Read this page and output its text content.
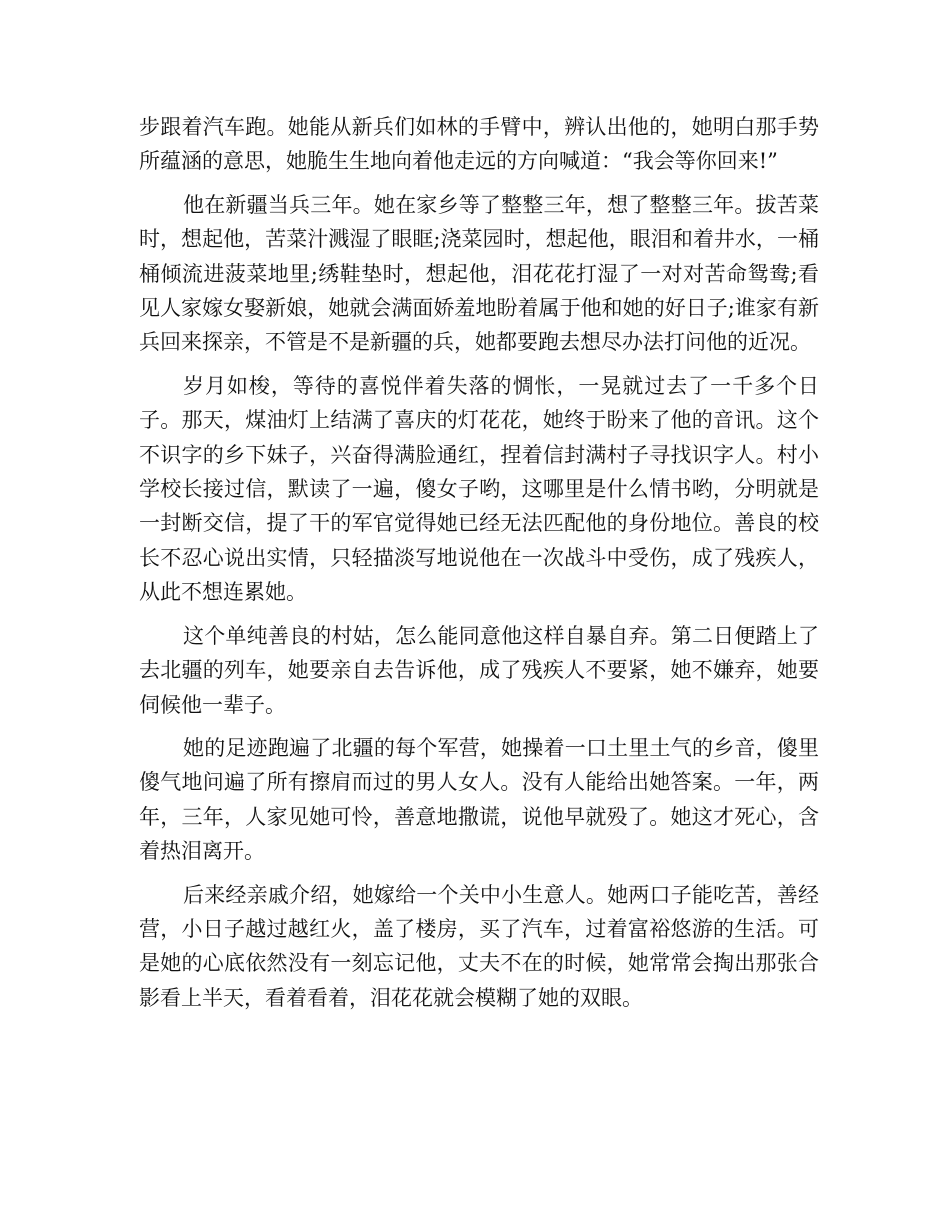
步跟着汽车跑。她能从新兵们如林的手臂中，辨认出他的，她明白那手势所蕴涵的意思，她脆生生地向着他走远的方向喊道：“我会等你回来!”

他在新疆当兵三年。她在家乡等了整整三年，想了整整三年。拔苦菜时，想起他，苦菜汁溅湿了眼眶;浇菜园时，想起他，眼泪和着井水，一桶桶倾流进菠菜地里;绣鞋垫时，想起他，泪花花打湿了一对对苦命鸳鸯;看见人家嫁女娶新娘，她就会满面娇羞地盼着属于他和她的好日子;谁家有新兵回来探亲，不管是不是新疆的兵，她都要跑去想尽办法打问他的近况。

岁月如梭，等待的喜悦伴着失落的惆怅，一晃就过去了一千多个日子。那天，煤油灯上结满了喜庆的灯花花，她终于盼来了他的音讯。这个不识字的乡下妹子，兴奋得满脸通红，捏着信封满村子寻找识字人。村小学校长接过信，默读了一遍，傻女子哟，这哪里是什么情书哟，分明就是一封断交信，提了干的军官觉得她已经无法匹配他的身份地位。善良的校长不忍心说出实情，只轻描淡写地说他在一次战斗中受伤，成了残疾人，从此不想连累她。

这个单纯善良的村姑，怎么能同意他这样自暴自弃。第二日便踏上了去北疆的列车，她要亲自去告诉他，成了残疾人不要紧，她不嫌弃，她要伺候他一辈子。

她的足迹跑遍了北疆的每个军营，她操着一口土里土气的乡音，傻里傻气地问遍了所有擦肩而过的男人女人。没有人能给出她答案。一年，两年，三年，人家见她可怜，善意地撒谎，说他早就殁了。她这才死心，含着热泪离开。

后来经亲戚介绍，她嫁给一个关中小生意人。她两口子能吃苦，善经营，小日子越过越红火，盖了楼房，买了汽车，过着富裕悠游的生活。可是她的心底依然没有一刻忘记他，丈夫不在的时候，她常常会掏出那张合影看上半天，看着看着，泪花花就会模糊了她的双眼。
